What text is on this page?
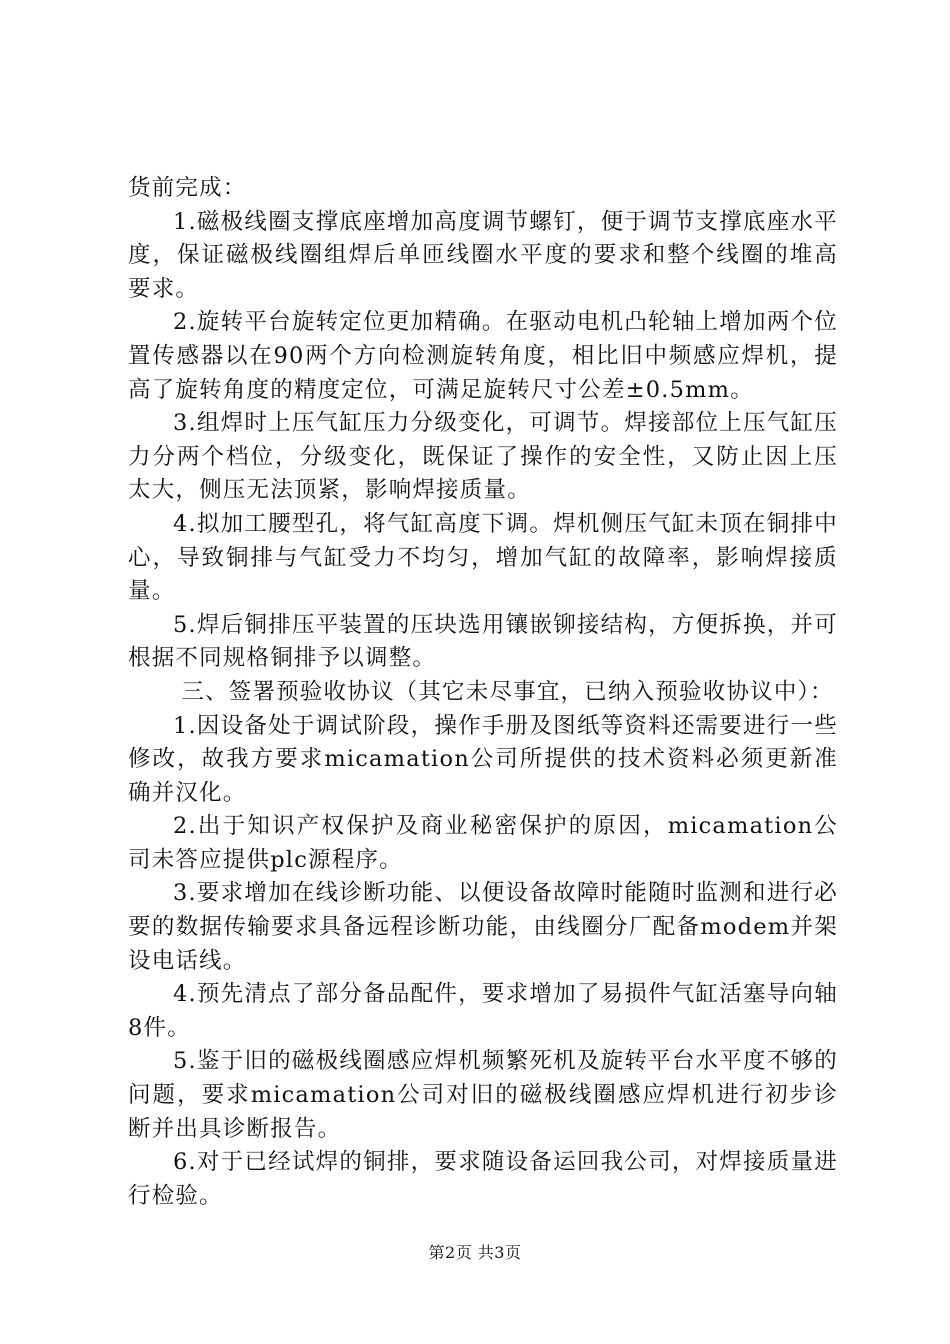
货前完成：

1.磁极线圈支撑底座增加高度调节螺钉，便于调节支撑底座水平度，保证磁极线圈组焊后单匝线圈水平度的要求和整个线圈的堆高要求。

2.旋转平台旋转定位更加精确。在驱动电机凸轮轴上增加两个位置传感器以在90两个方向检测旋转角度，相比旧中频感应焊机，提高了旋转角度的精度定位，可满足旋转尺寸公差±0.5mm。

3.组焊时上压气缸压力分级变化，可调节。焊接部位上压气缸压力分两个档位，分级变化，既保证了操作的安全性，又防止因上压太大，侧压无法顶紧，影响焊接质量。

4.拟加工腰型孔，将气缸高度下调。焊机侧压气缸未顶在铜排中心，导致铜排与气缸受力不均匀，增加气缸的故障率，影响焊接质量。

5.焊后铜排压平装置的压块选用镶嵌铆接结构，方便拆换，并可根据不同规格铜排予以调整。

三、签署预验收协议（其它未尽事宜，已纳入预验收协议中）：

1.因设备处于调试阶段，操作手册及图纸等资料还需要进行一些修改，故我方要求micamation公司所提供的技术资料必须更新准确并汉化。

2.出于知识产权保护及商业秘密保护的原因，micamation公司未答应提供plc源程序。

3.要求增加在线诊断功能、以便设备故障时能随时监测和进行必要的数据传输要求具备远程诊断功能，由线圈分厂配备modem并架设电话线。

4.预先清点了部分备品配件，要求增加了易损件气缸活塞导向轴8件。

5.鉴于旧的磁极线圈感应焊机频繁死机及旋转平台水平度不够的问题，要求micamation公司对旧的磁极线圈感应焊机进行初步诊断并出具诊断报告。

6.对于已经试焊的铜排，要求随设备运回我公司，对焊接质量进行检验。

第2页 共3页
